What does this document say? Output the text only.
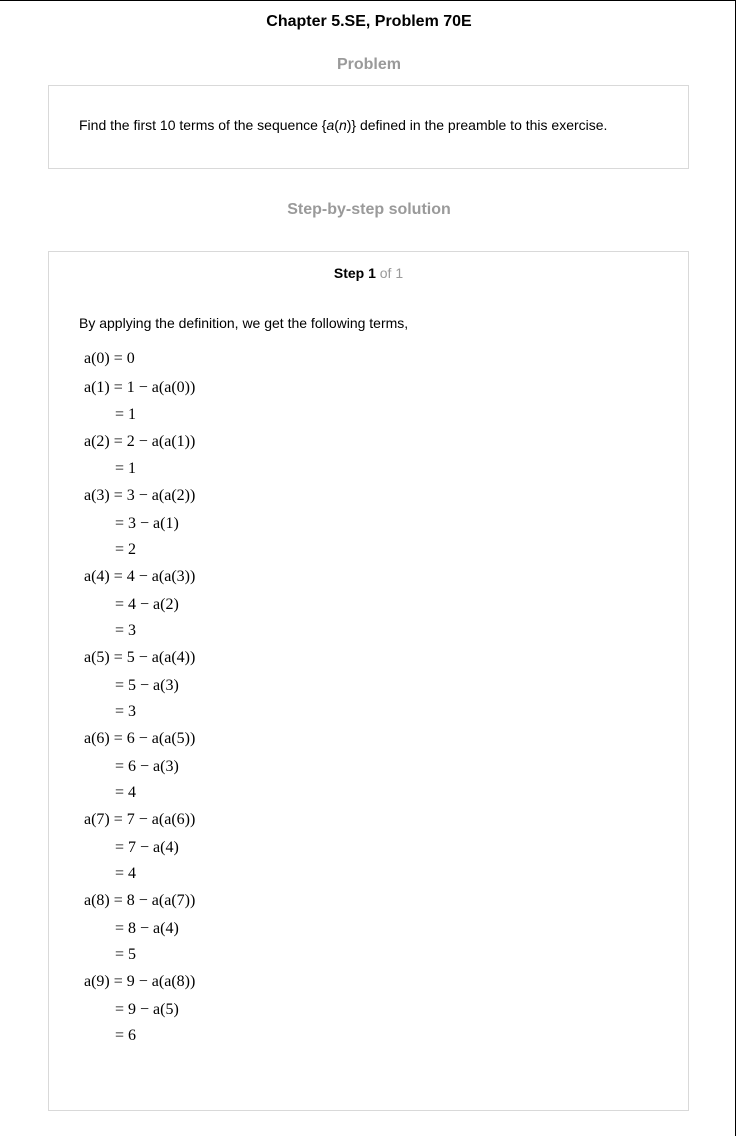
Chapter 5.SE, Problem 70E
Problem
Find the first 10 terms of the sequence {a(n)} defined in the preamble to this exercise.
Step-by-step solution
Step 1 of 1
By applying the definition, we get the following terms,
a(0) = 0
a(1) = 1 − a(a(0))
= 1
a(2) = 2 − a(a(1))
= 1
a(3) = 3 − a(a(2))
= 3 − a(1)
= 2
a(4) = 4 − a(a(3))
= 4 − a(2)
= 3
a(5) = 5 − a(a(4))
= 5 − a(3)
= 3
a(6) = 6 − a(a(5))
= 6 − a(3)
= 4
a(7) = 7 − a(a(6))
= 7 − a(4)
= 4
a(8) = 8 − a(a(7))
= 8 − a(4)
= 5
a(9) = 9 − a(a(8))
= 9 − a(5)
= 6
